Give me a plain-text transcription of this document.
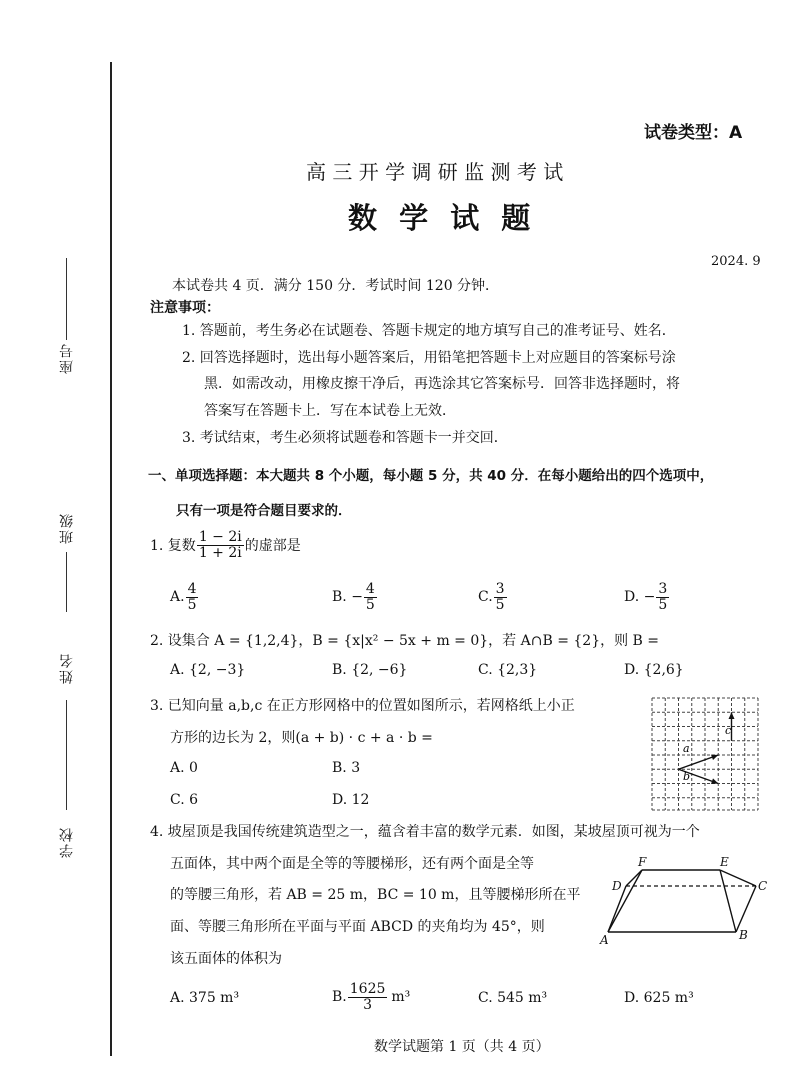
座号
班级
姓名
学校
试卷类型：A
高 三 开 学 调 研 监 测 考 试
数 学 试 题
2024. 9
本试卷共 4 页．满分 150 分．考试时间 120 分钟．
注意事项：
1. 答题前，考生务必在试题卷、答题卡规定的地方填写自己的准考证号、姓名．
2. 回答选择题时，选出每小题答案后，用铅笔把答题卡上对应题目的答案标号涂
黑．如需改动，用橡皮擦干净后，再选涂其它答案标号．回答非选择题时，将
答案写在答题卡上．写在本试卷上无效．
3. 考试结束，考生必须将试题卷和答题卡一并交回．
一、单项选择题：本大题共 8 个小题，每小题 5 分，共 40 分．在每小题给出的四个选项中，
只有一项是符合题目要求的．
1. 复数 $\frac{1 - 2i}{1 + 2i}$ 的虚部是
A. $\frac{4}{5}$	B. − $\frac{4}{5}$	C. $\frac{3}{5}$	D. − $\frac{3}{5}$
2. 设集合 A = {1,2,4}，B = {x|x² − 5x + m = 0}，若 A∩B = {2}，则 B =
A. {2, −3}	B. {2, −6}	C. {2,3}	D. {2,6}
3. 已知向量 a,b,c 在正方形网格中的位置如图所示，若网格纸上小正
方形的边长为 2，则(a + b) · c + a · b =
A. 0	B. 3
C. 6	D. 12
a
b
c
4. 坡屋顶是我国传统建筑造型之一，蕴含着丰富的数学元素．如图，某坡屋顶可视为一个
五面体，其中两个面是全等的等腰梯形，还有两个面是全等
的等腰三角形，若 AB = 25 m，BC = 10 m，且等腰梯形所在平
面、等腰三角形所在平面与平面 ABCD 的夹角均为 45°，则
该五面体的体积为
A. 375 m³	B. $\frac{1625}{3} m^3$	C. 545 m³	D. 625 m³
F	E
D	C
A	B
数学试题第 1 页（共 4 页）
